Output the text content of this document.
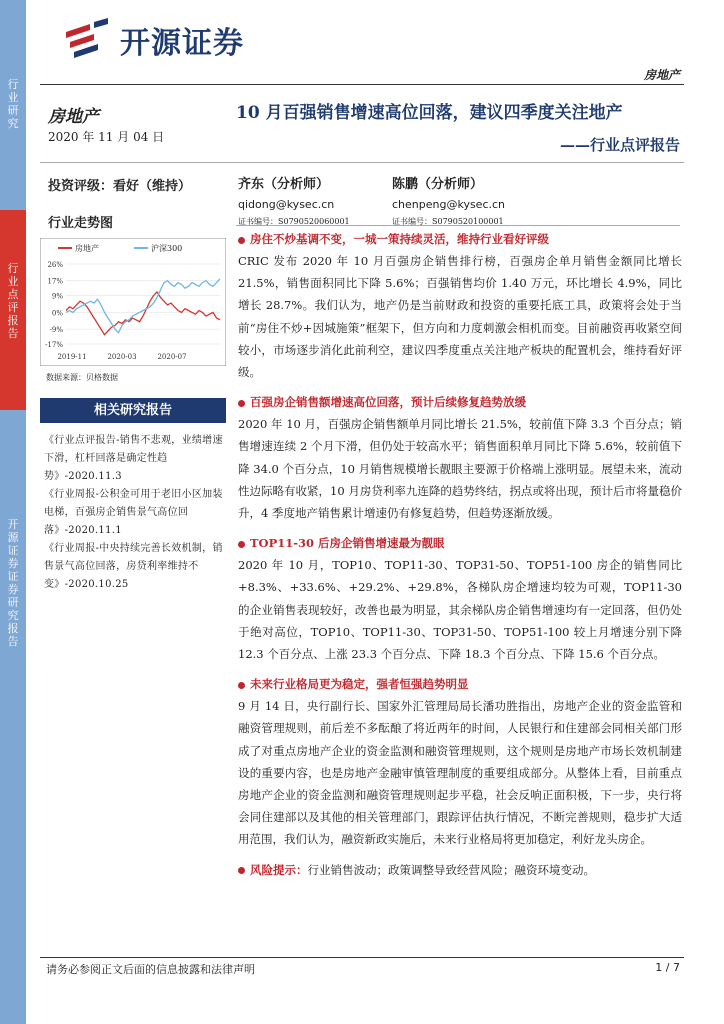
行业研究
行业点评报告
开源证券证券研究报告
开源证券
房地产
房地产
2020 年 11 月 04 日
10 月百强销售增速高位回落，建议四季度关注地产
——行业点评报告
投资评级：看好（维持）
行业走势图
齐东（分析师）
qidong@kysec.cn
证书编号：S0790520060001
陈鹏（分析师）
chenpeng@kysec.cn
证书编号：S0790520100001
房地产	沪深300
26%
17%
9%
0%
-9%
-17%
2019-11	2020-03	2020-07
数据来源：贝格数据
相关研究报告

《行业点评报告-销售不悲观，业绩增速下滑，杠杆回落是确定性趋势》-2020.11.3

《行业周报-公积金可用于老旧小区加装电梯，百强房企销售景气高位回落》-2020.11.1

《行业周报-中央持续完善长效机制，销售景气高位回落，房贷利率维持不变》-2020.10.25

房住不炒基调不变，一城一策持续灵活，维持行业看好评级

CRIC 发布 2020 年 10 月百强房企销售排行榜，百强房企单月销售金额同比增长 21.5%，销售面积同比下降 5.6%；百强销售均价 1.40 万元，环比增长 4.9%，同比增长 28.7%。我们认为，地产仍是当前财政和投资的重要托底工具，政策将会处于当前“房住不炒+因城施策”框架下，但方向和力度刺激会相机而变。目前融资再收紧空间较小，市场逐步消化此前利空，建议四季度重点关注地产板块的配置机会，维持看好评级。

百强房企销售额增速高位回落，预计后续修复趋势放缓

2020 年 10 月，百强房企销售额单月同比增长 21.5%，较前值下降 3.3 个百分点；销售增速连续 2 个月下滑，但仍处于较高水平；销售面积单月同比下降 5.6%，较前值下降 34.0 个百分点，10 月销售规模增长靓眼主要源于价格端上涨明显。展望未来，流动性边际略有收紧，10 月房贷利率九连降的趋势终结，拐点或将出现，预计后市将量稳价升，4 季度地产销售累计增速仍有修复趋势，但趋势逐渐放缓。

TOP11-30 后房企销售增速最为靓眼

2020 年 10 月，TOP10、TOP11-30、TOP31-50、TOP51-100 房企的销售同比+8.3%、+33.6%、+29.2%、+29.8%，各梯队房企增速均较为可观，TOP11-30 的企业销售表现较好，改善也最为明显，其余梯队房企销售增速均有一定回落，但仍处于绝对高位，TOP10、TOP11-30、TOP31-50、TOP51-100 较上月增速分别下降 12.3 个百分点、上涨 23.3 个百分点、下降 18.3 个百分点、下降 15.6 个百分点。

未来行业格局更为稳定，强者恒强趋势明显

9 月 14 日，央行副行长、国家外汇管理局局长潘功胜指出，房地产企业的资金监管和融资管理规则，前后差不多酝酿了将近两年的时间，人民银行和住建部会同相关部门形成了对重点房地产企业的资金监测和融资管理规则，这个规则是房地产市场长效机制建设的重要内容，也是房地产金融审慎管理制度的重要组成部分。从整体上看，目前重点房地产企业的资金监测和融资管理规则起步平稳，社会反响正面积极，下一步，央行将会同住建部以及其他的相关管理部门，跟踪评估执行情况，不断完善规则，稳步扩大适用范围，我们认为，融资新政实施后，未来行业格局将更加稳定，利好龙头房企。

风险提示：行业销售波动；政策调整导致经营风险；融资环境变动。

请务必参阅正文后面的信息披露和法律声明	1 / 7
